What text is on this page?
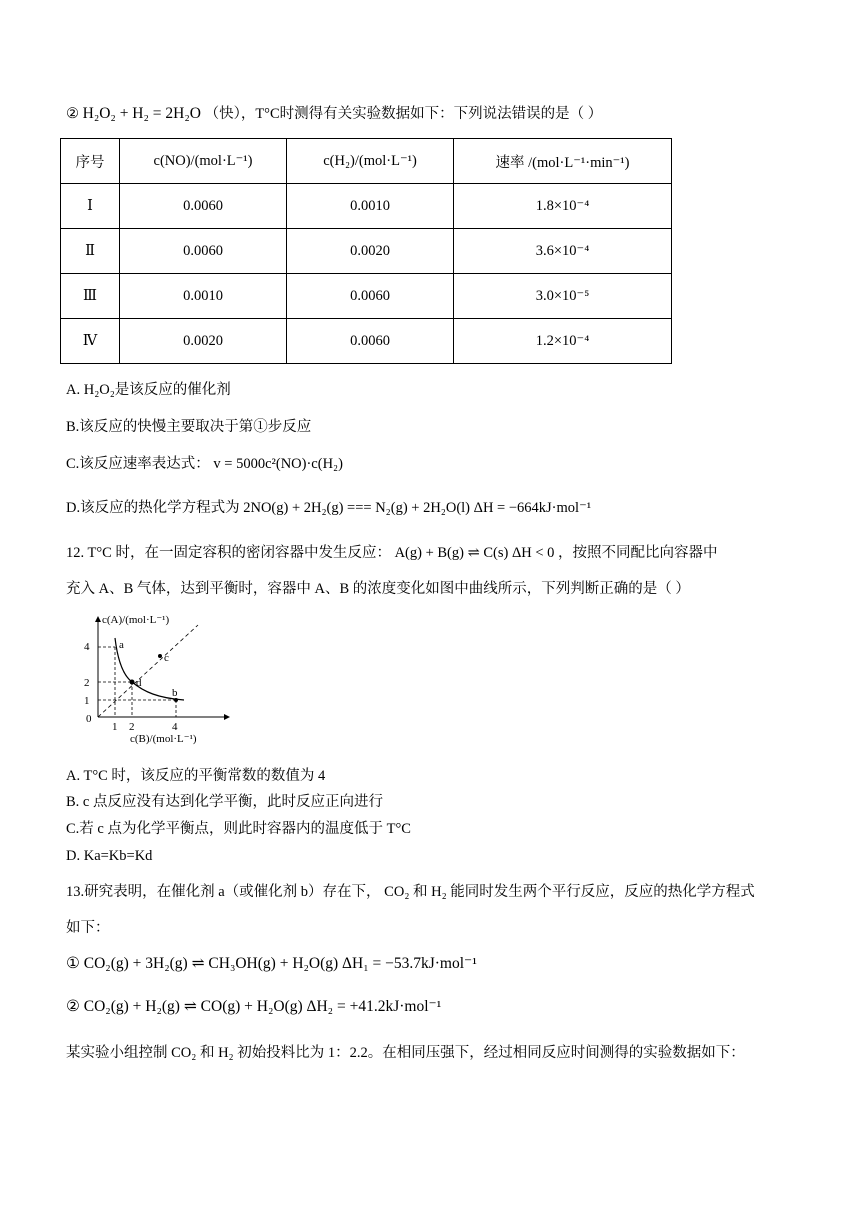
② H₂O₂ + H₂ = 2H₂O （快），T°C时测得有关实验数据如下：下列说法错误的是（ ）
序号	c(NO)/(mol·L⁻¹)	c(H₂)/(mol·L⁻¹)	速率 /(mol·L⁻¹·min⁻¹)
Ⅰ	0.0060	0.0010	1.8×10⁻⁴
Ⅱ	0.0060	0.0020	3.6×10⁻⁴
Ⅲ	0.0010	0.0060	3.0×10⁻⁵
Ⅳ	0.0020	0.0060	1.2×10⁻⁴
A. H₂O₂是该反应的催化剂
B.该反应的快慢主要取决于第①步反应
C.该反应速率表达式： v = 5000c²(NO)·c(H₂)
D.该反应的热化学方程式为 2NO(g) + 2H₂(g) === N₂(g) + 2H₂O(l) ΔH = −664kJ·mol⁻¹
12. T°C 时，在一固定容积的密闭容器中发生反应： A(g) + B(g) ⇌ C(s) ΔH < 0 ，按照不同配比向容器中
充入 A、B 气体，达到平衡时，容器中 A、B 的浓度变化如图中曲线所示，下列判断正确的是（ ）
c(A)/(mol·L⁻¹)
c(B)/(mol·L⁻¹)
4
2
1
0
1 2	4
a
c
d
b
A. T°C 时，该反应的平衡常数的数值为 4
B. c 点反应没有达到化学平衡，此时反应正向进行
C.若 c 点为化学平衡点，则此时容器内的温度低于 T°C
D. Ka=Kb=Kd
13.研究表明，在催化剂 a（或催化剂 b）存在下， CO₂ 和 H₂ 能同时发生两个平行反应，反应的热化学方程式
如下：
① CO₂(g) + 3H₂(g) ⇌ CH₃OH(g) + H₂O(g) ΔH₁ = −53.7kJ·mol⁻¹
② CO₂(g) + H₂(g) ⇌ CO(g) + H₂O(g) ΔH₂ = +41.2kJ·mol⁻¹
某实验小组控制 CO₂ 和 H₂ 初始投料比为 1：2.2。在相同压强下，经过相同反应时间测得的实验数据如下：
